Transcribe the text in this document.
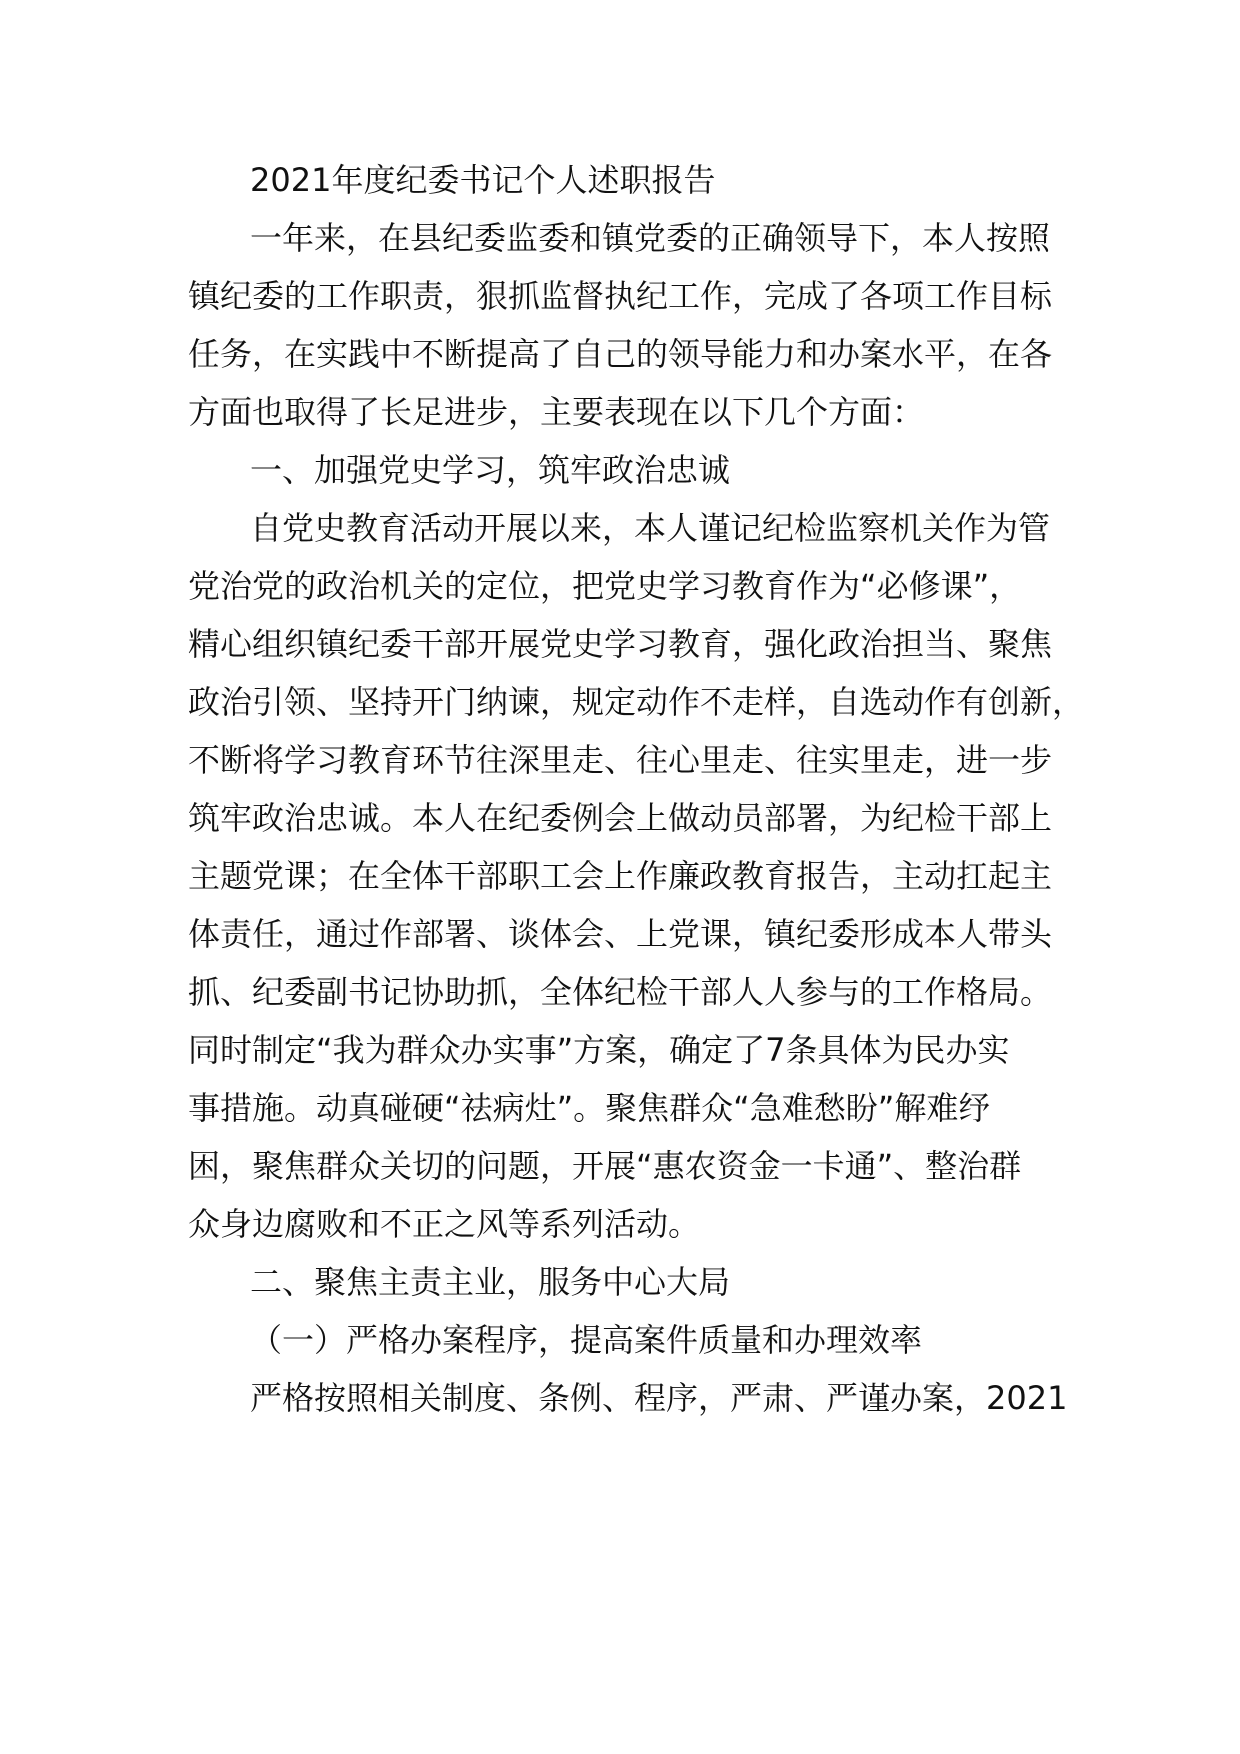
2021年度纪委书记个人述职报告
一年来，在县纪委监委和镇党委的正确领导下，本人按照
镇纪委的工作职责，狠抓监督执纪工作，完成了各项工作目标
任务，在实践中不断提高了自己的领导能力和办案水平，在各
方面也取得了长足进步，主要表现在以下几个方面：
一、加强党史学习，筑牢政治忠诚
自党史教育活动开展以来，本人谨记纪检监察机关作为管
党治党的政治机关的定位，把党史学习教育作为“必修课”，
精心组织镇纪委干部开展党史学习教育，强化政治担当、聚焦
政治引领、坚持开门纳谏，规定动作不走样，自选动作有创新，
不断将学习教育环节往深里走、往心里走、往实里走，进一步
筑牢政治忠诚。本人在纪委例会上做动员部署，为纪检干部上
主题党课；在全体干部职工会上作廉政教育报告，主动扛起主
体责任，通过作部署、谈体会、上党课，镇纪委形成本人带头
抓、纪委副书记协助抓，全体纪检干部人人参与的工作格局。
同时制定“我为群众办实事”方案，确定了7条具体为民办实
事措施。动真碰硬“祛病灶”。聚焦群众“急难愁盼”解难纾
困，聚焦群众关切的问题，开展“惠农资金一卡通”、整治群
众身边腐败和不正之风等系列活动。
二、聚焦主责主业，服务中心大局
（一）严格办案程序，提高案件质量和办理效率
严格按照相关制度、条例、程序，严肃、严谨办案，2021
